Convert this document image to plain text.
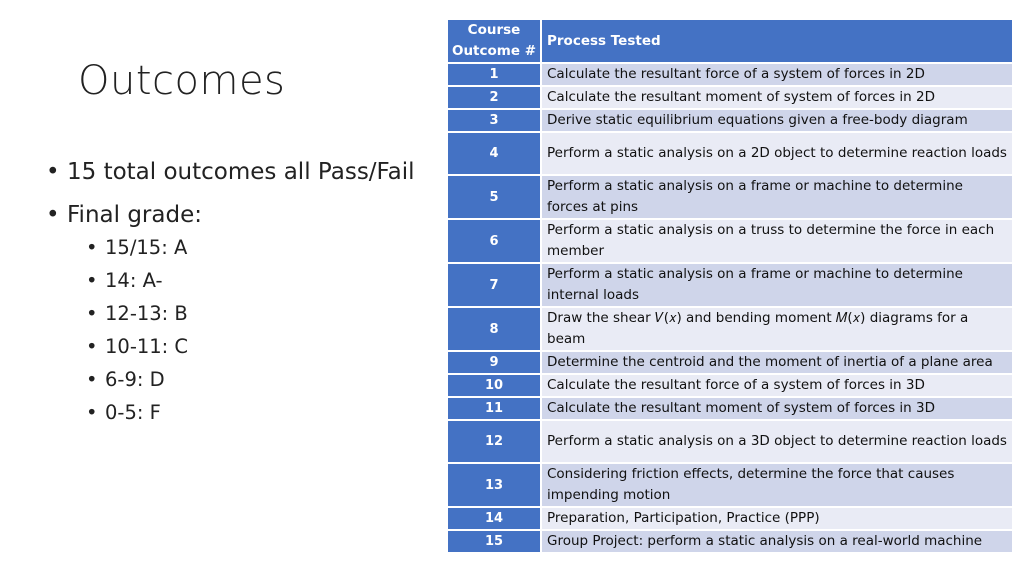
Outcomes
• 15 total outcomes all Pass/Fail
• Final grade:
• 15/15: A
• 14: A-
• 12-13: B
• 10-11: C
• 6-9: D
• 0-5: F
Course Outcome #	Process Tested
1	Calculate the resultant force of a system of forces in 2D
2	Calculate the resultant moment of system of forces in 2D
3	Derive static equilibrium equations given a free-body diagram
4	Perform a static analysis on a 2D object to determine reaction loads
5	Perform a static analysis on a frame or machine to determine forces at pins
6	Perform a static analysis on a truss to determine the force in each member
7	Perform a static analysis on a frame or machine to determine internal loads
8	Draw the shear 𝑉(𝑥) and bending moment 𝑀(𝑥) diagrams for a beam
9	Determine the centroid and the moment of inertia of a plane area
10	Calculate the resultant force of a system of forces in 3D
11	Calculate the resultant moment of system of forces in 3D
12	Perform a static analysis on a 3D object to determine reaction loads
13	Considering friction effects, determine the force that causes impending motion
14	Preparation, Participation, Practice (PPP)
15	Group Project: perform a static analysis on a real-world machine
